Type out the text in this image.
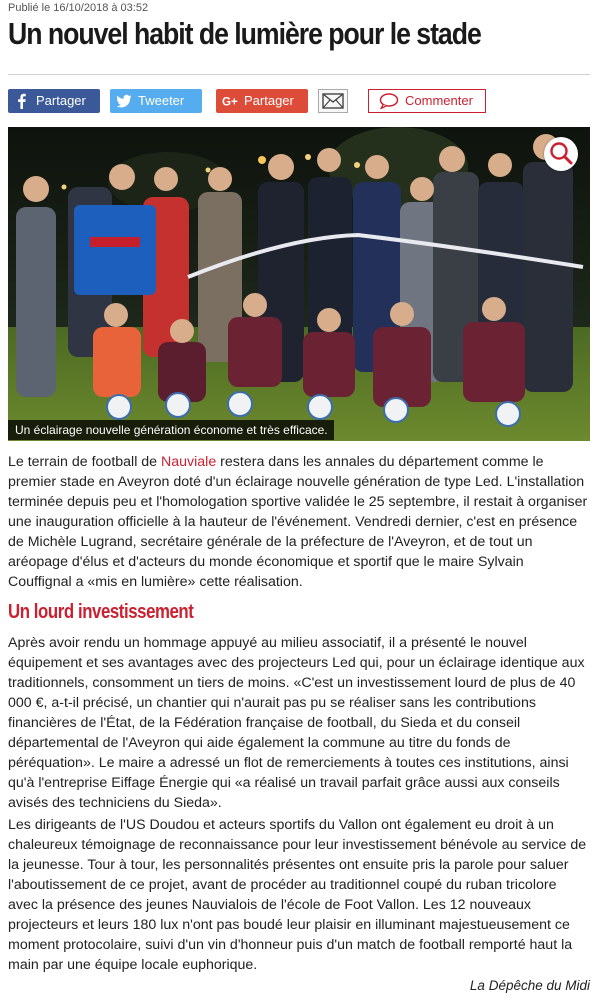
Publié le 16/10/2018 à 03:52
Un nouvel habit de lumière pour le stade
Partager	Tweeter	G+ Partager	Commenter
Un éclairage nouvelle génération économe et très efficace.
Le terrain de football de Nauviale restera dans les annales du département comme le premier stade en Aveyron doté d'un éclairage nouvelle génération de type Led. L'installation terminée depuis peu et l'homologation sportive validée le 25 septembre, il restait à organiser une inauguration officielle à la hauteur de l'événement. Vendredi dernier, c'est en présence de Michèle Lugrand, secrétaire générale de la préfecture de l'Aveyron, et de tout un aréopage d'élus et d'acteurs du monde économique et sportif que le maire Sylvain Couffignal a «mis en lumière» cette réalisation.
Un lourd investissement
Après avoir rendu un hommage appuyé au milieu associatif, il a présenté le nouvel équipement et ses avantages avec des projecteurs Led qui, pour un éclairage identique aux traditionnels, consomment un tiers de moins. «C'est un investissement lourd de plus de 40 000 €, a-t-il précisé, un chantier qui n'aurait pas pu se réaliser sans les contributions financières de l'État, de la Fédération française de football, du Sieda et du conseil départemental de l'Aveyron qui aide également la commune au titre du fonds de péréquation». Le maire a adressé un flot de remerciements à toutes ces institutions, ainsi qu'à l'entreprise Eiffage Énergie qui «a réalisé un travail parfait grâce aussi aux conseils avisés des techniciens du Sieda».
Les dirigeants de l'US Doudou et acteurs sportifs du Vallon ont également eu droit à un chaleureux témoignage de reconnaissance pour leur investissement bénévole au service de la jeunesse. Tour à tour, les personnalités présentes ont ensuite pris la parole pour saluer l'aboutissement de ce projet, avant de procéder au traditionnel coupé du ruban tricolore avec la présence des jeunes Nauvialois de l'école de Foot Vallon. Les 12 nouveaux projecteurs et leurs 180 lux n'ont pas boudé leur plaisir en illuminant majestueusement ce moment protocolaire, suivi d'un vin d'honneur puis d'un match de football remporté haut la main par une équipe locale euphorique.
La Dépêche du Midi
